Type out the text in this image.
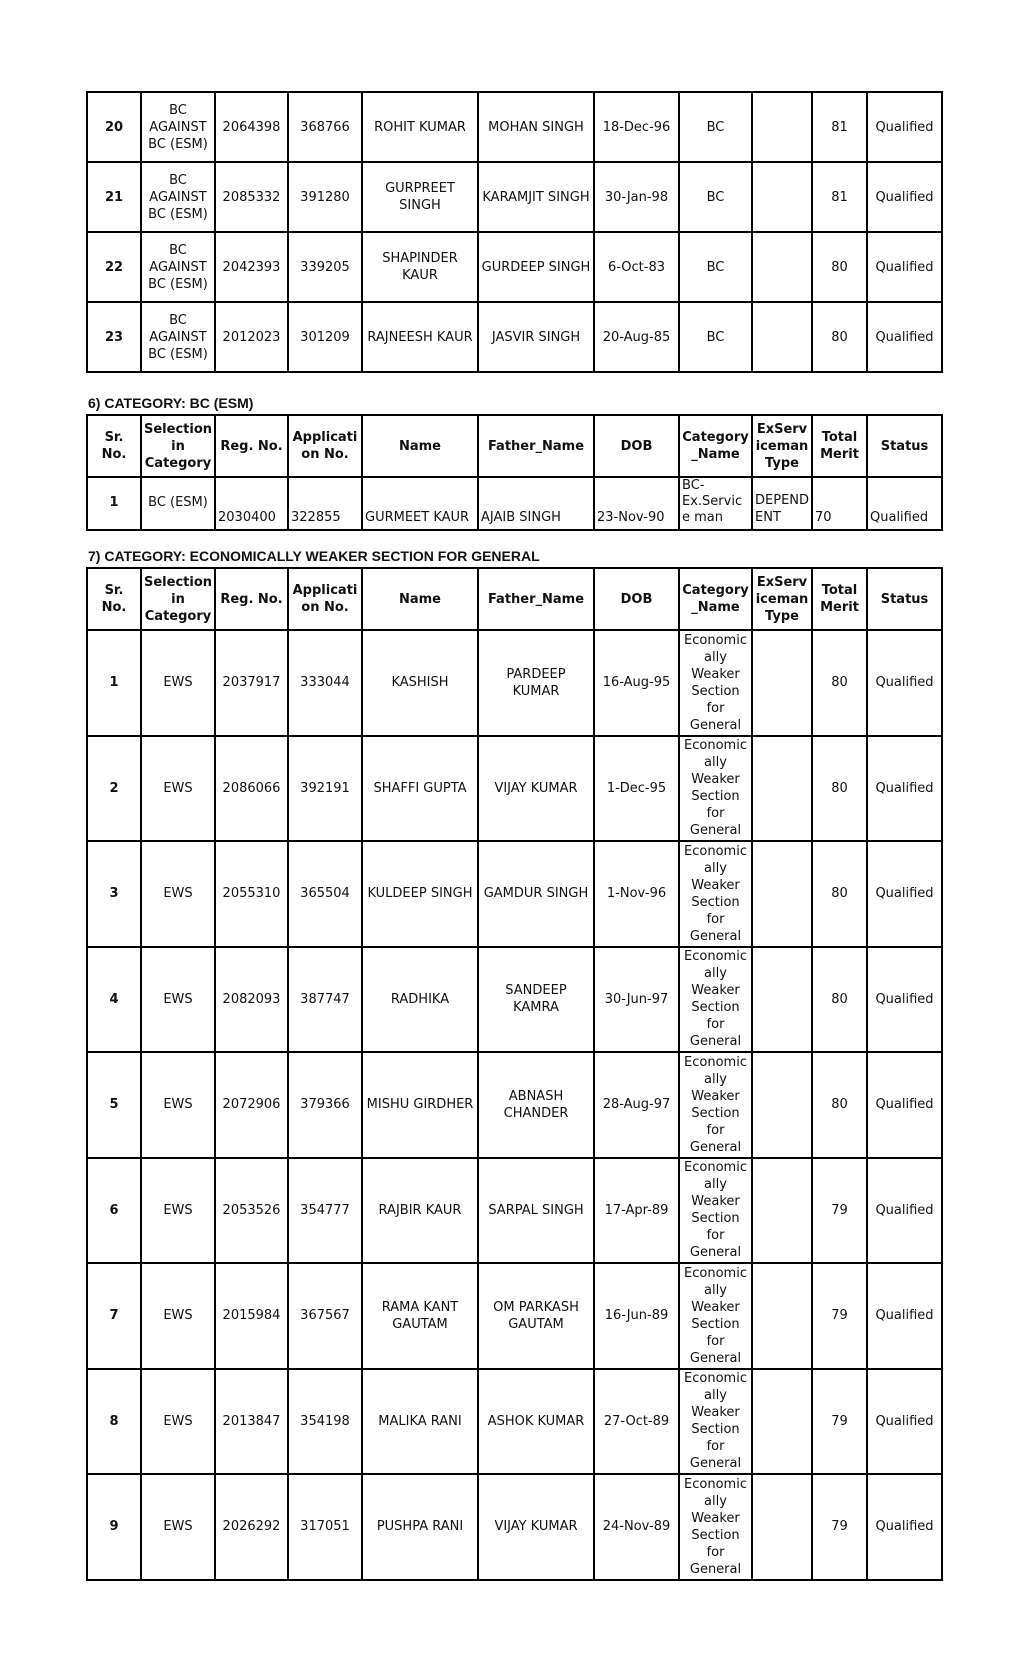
20	BC AGAINST BC (ESM)	2064398	368766	ROHIT KUMAR	MOHAN SINGH	18-Dec-96	BC		81	Qualified
21	BC AGAINST BC (ESM)	2085332	391280	GURPREET SINGH	KARAMJIT SINGH	30-Jan-98	BC		81	Qualified
22	BC AGAINST BC (ESM)	2042393	339205	SHAPINDER KAUR	GURDEEP SINGH	6-Oct-83	BC		80	Qualified
23	BC AGAINST BC (ESM)	2012023	301209	RAJNEESH KAUR	JASVIR SINGH	20-Aug-85	BC		80	Qualified
6) CATEGORY: BC (ESM)
Sr. No.	Selection in Category	Reg. No.	Applicati on No.	Name	Father_Name	DOB	Category _Name	ExServ iceman Type	Total Merit	Status
1	BC (ESM)	2030400	322855	GURMEET KAUR	AJAIB SINGH	23-Nov-90	BC-Ex.Service man	DEPEND ENT	70	Qualified
7) CATEGORY: ECONOMICALLY WEAKER SECTION FOR GENERAL
Sr. No.	Selection in Category	Reg. No.	Applicati on No.	Name	Father_Name	DOB	Category _Name	ExServ iceman Type	Total Merit	Status
1	EWS	2037917	333044	KASHISH	PARDEEP KUMAR	16-Aug-95	Economically Weaker Section for General		80	Qualified
2	EWS	2086066	392191	SHAFFI GUPTA	VIJAY KUMAR	1-Dec-95	Economically Weaker Section for General		80	Qualified
3	EWS	2055310	365504	KULDEEP SINGH	GAMDUR SINGH	1-Nov-96	Economically Weaker Section for General		80	Qualified
4	EWS	2082093	387747	RADHIKA	SANDEEP KAMRA	30-Jun-97	Economically Weaker Section for General		80	Qualified
5	EWS	2072906	379366	MISHU GIRDHER	ABNASH CHANDER	28-Aug-97	Economically Weaker Section for General		80	Qualified
6	EWS	2053526	354777	RAJBIR KAUR	SARPAL SINGH	17-Apr-89	Economically Weaker Section for General		79	Qualified
7	EWS	2015984	367567	RAMA KANT GAUTAM	OM PARKASH GAUTAM	16-Jun-89	Economically Weaker Section for General		79	Qualified
8	EWS	2013847	354198	MALIKA RANI	ASHOK KUMAR	27-Oct-89	Economically Weaker Section for General		79	Qualified
9	EWS	2026292	317051	PUSHPA RANI	VIJAY KUMAR	24-Nov-89	Economically Weaker Section for General		79	Qualified
